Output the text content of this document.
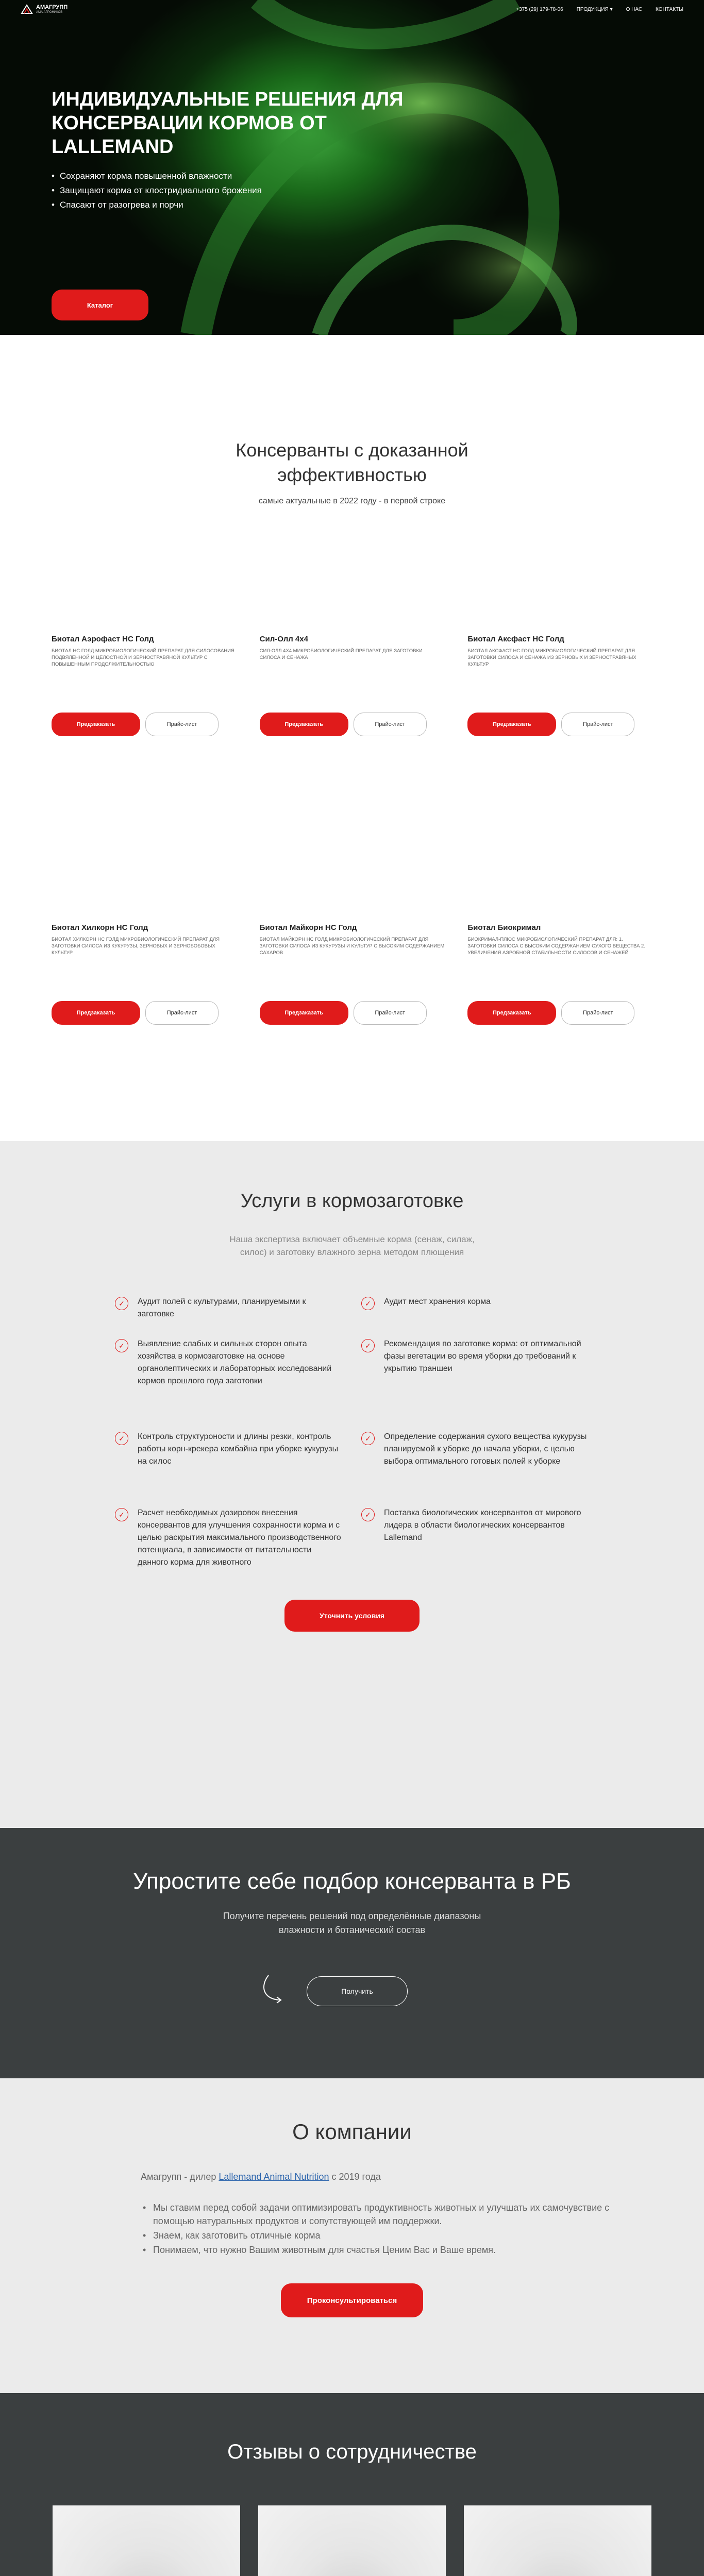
АМАГРУПП
АМА АГРОНИКОВ	+375 (29) 179-78-06	ПРОДУКЦИЯ ▾	О НАС	КОНТАКТЫ
ИНДИВИДУАЛЬНЫЕ РЕШЕНИЯ ДЛЯ КОНСЕРВАЦИИ КОРМОВ ОТ LALLEMAND
• Сохраняют корма повышенной влажности
• Защищают корма от клостридиального брожения
• Спасают от разогрева и порчи
Каталог
Консерванты с доказанной эффективностью

самые актуальные в 2022 году - в первой строке

Биотал Аэрофаст НС Голд
БИОТАЛ НС ГОЛД МИКРОБИОЛОГИЧЕСКИЙ ПРЕПАРАТ ДЛЯ СИЛОСОВАНИЯ ПОДВЯЛЕННОЙ И ЦЕЛОСТНОЙ И ЗЕРНОСТРАВЯНОЙ КУЛЬТУР С ПОВЫШЕННЫМ ПРОДОЛЖИТЕЛЬНОСТЬЮ
Предзаказать	Прайс-лист
Сил-Олл 4х4
СИЛ-ОЛЛ 4Х4 МИКРОБИОЛОГИЧЕСКИЙ ПРЕПАРАТ ДЛЯ ЗАГОТОВКИ СИЛОСА И СЕНАЖА
Предзаказать	Прайс-лист
Биотал Аксфаст НС Голд
БИОТАЛ АКСФАСТ НС ГОЛД МИКРОБИОЛОГИЧЕСКИЙ ПРЕПАРАТ ДЛЯ ЗАГОТОВКИ СИЛОСА И СЕНАЖА ИЗ ЗЕРНОВЫХ И ЗЕРНОСТРАВЯНЫХ КУЛЬТУР
Предзаказать	Прайс-лист
Биотал Хилкорн НС Голд
БИОТАЛ ХИЛКОРН НС ГОЛД МИКРОБИОЛОГИЧЕСКИЙ ПРЕПАРАТ ДЛЯ ЗАГОТОВКИ СИЛОСА ИЗ КУКУРУЗЫ, ЗЕРНОВЫХ И ЗЕРНОБОБОВЫХ КУЛЬТУР
Предзаказать	Прайс-лист
Биотал Майкорн НС Голд
БИОТАЛ МАЙКОРН НС ГОЛД МИКРОБИОЛОГИЧЕСКИЙ ПРЕПАРАТ ДЛЯ ЗАГОТОВКИ СИЛОСА ИЗ КУКУРУЗЫ И КУЛЬТУР С ВЫСОКИМ СОДЕРЖАНИЕМ САХАРОВ
Предзаказать	Прайс-лист
Биотал Биокримал
БИОКРИМАЛ-ПЛЮС МИКРОБИОЛОГИЧЕСКИЙ ПРЕПАРАТ ДЛЯ: 1. ЗАГОТОВКИ СИЛОСА С ВЫСОКИМ СОДЕРЖАНИЕМ СУХОГО ВЕЩЕСТВА 2. УВЕЛИЧЕНИЯ АЭРОБНОЙ СТАБИЛЬНОСТИ СИЛОСОВ И СЕНАЖЕЙ
Предзаказать	Прайс-лист
Услуги в кормозаготовке

Наша экспертиза включает объемные корма (сенаж, силаж, силос) и заготовку влажного зерна методом плющения

✓	Аудит полей с культурами, планируемыми к заготовке
✓	Выявление слабых и сильных сторон опыта хозяйства в кормозаготовке на основе органолептических и лабораторных исследований кормов прошлого года заготовки
✓	Контроль структуроности и длины резки, контроль работы корн-крекера комбайна при уборке кукурузы на силос
✓	Расчет необходимых дозировок внесения консервантов для улучшения сохранности корма и с целью раскрытия максимального производственного потенциала, в зависимости от питательности данного корма для животного
✓	Аудит мест хранения корма
✓	Рекомендация по заготовке корма: от оптимальной фазы вегетации во время уборки до требований к укрытию траншеи
✓	Определение содержания сухого вещества кукурузы планируемой к уборке до начала уборки, с целью выбора оптимального готовых полей к уборке
✓	Поставка биологических консервантов от мирового лидера в области биологических консервантов Lallemand
Уточнить условия
Упростите себе подбор консерванта в РБ

Получите перечень решений под определённые диапазоны влажности и ботанический состав

Получить
О компании

Амагрупп - дилер Lallemand Animal Nutrition с 2019 года

• Мы ставим перед собой задачи оптимизировать продуктивность животных и улучшать их самочувствие с помощью натуральных продуктов и сопутствующей им поддержки.
• Знаем, как заготовить отличные корма
• Понимаем, что нужно Вашим животным для счастья Ценим Вас и Ваше время.
Проконсультироваться
Отзывы о сотрудничестве
